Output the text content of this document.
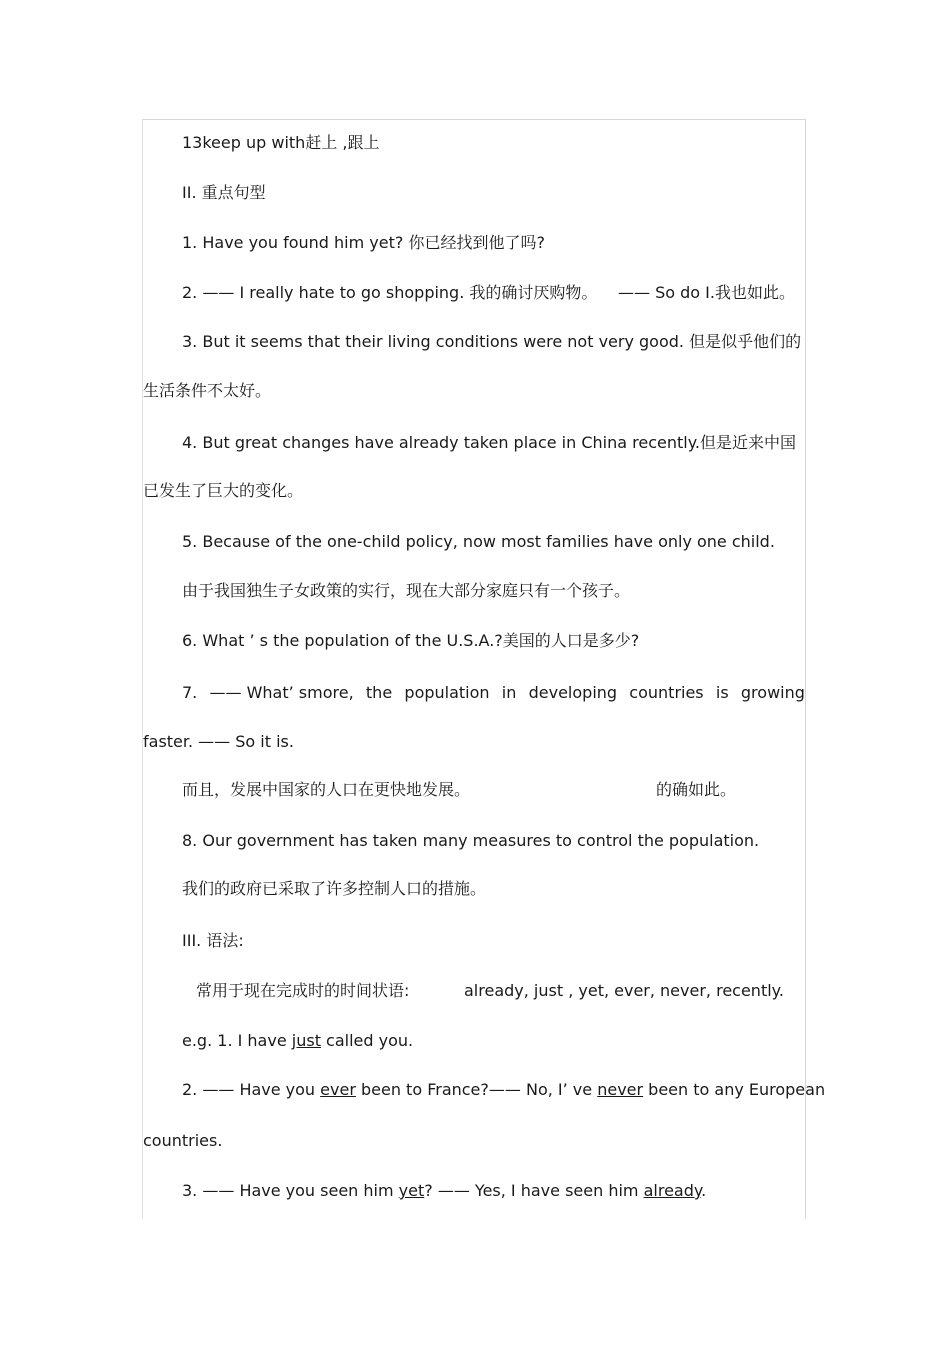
13keep up with赶上 ,跟上
II. 重点句型
1. Have you found him yet? 你已经找到他了吗?
2. —— I really hate to go shopping. 我的确讨厌购物。 —— So do I.我也如此。
3. But it seems that their living conditions were not very good. 但是似乎他们的
生活条件不太好。
4. But great changes have already taken place in China recently.但是近来中国
已发生了巨大的变化。
5. Because of the one-child policy, now most families have only one child.
由于我国独生子女政策的实行，现在大部分家庭只有一个孩子。
6. What ’ s the population of the U.S.A.?美国的人口是多少?
7. —— What’ smore, the population in developing countries is growing
faster. —— So it is.
而且，发展中国家的人口在更快地发展。	的确如此。
8. Our government has taken many measures to control the population.
我们的政府已采取了许多控制人口的措施。
III. 语法:
常用于现在完成时的时间状语:	already, just , yet, ever, never, recently.
e.g. 1. I have just called you.
2. —— Have you ever been to France?—— No, I’ ve never been to any European
countries.
3. —— Have you seen him yet? —— Yes, I have seen him already.
